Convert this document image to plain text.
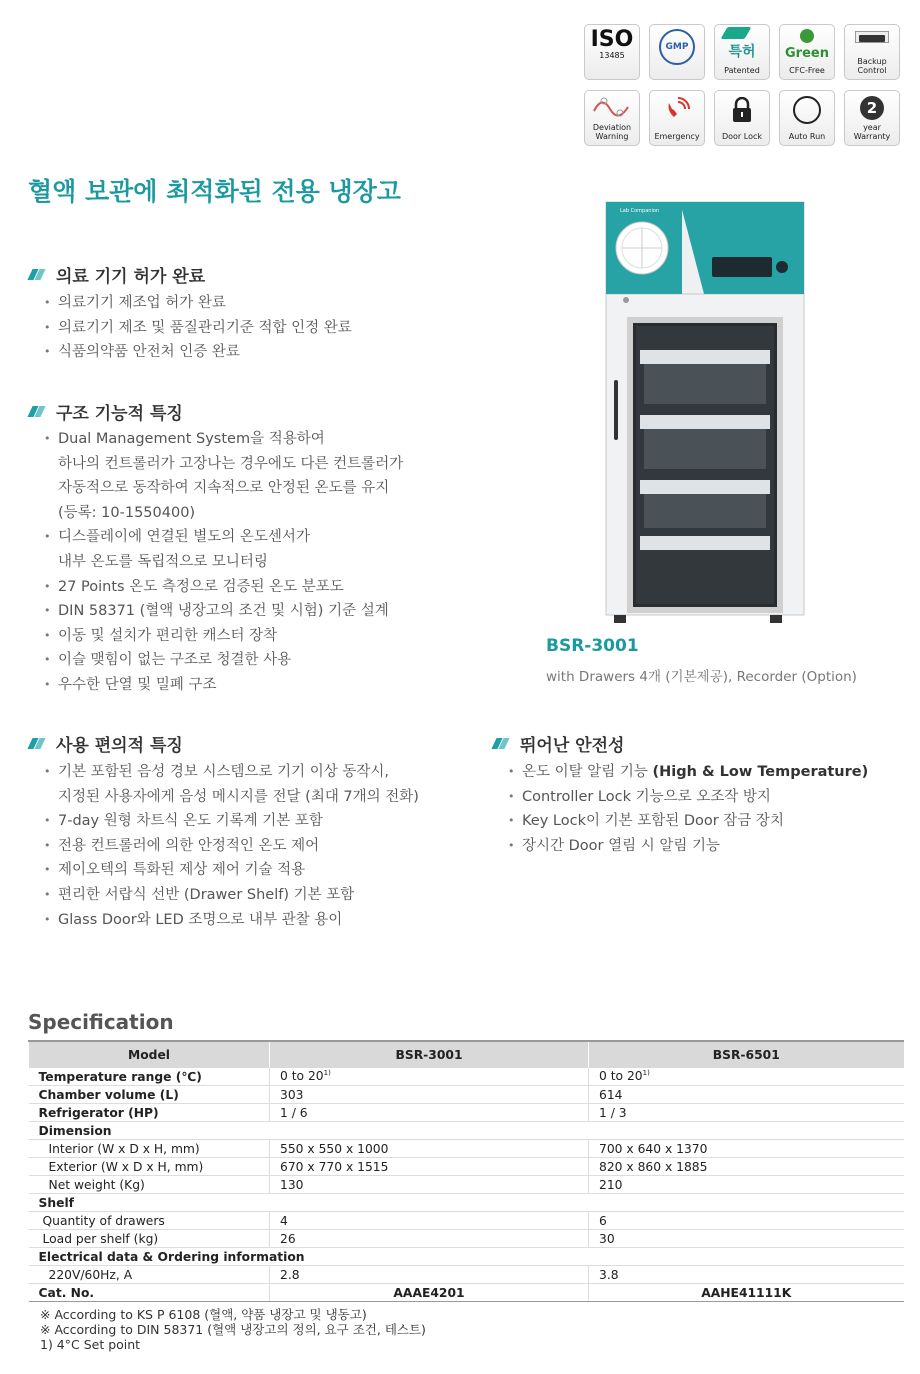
ISO
13485
GMP	특허
Patented
Green
CFC-Free
Backup
Control
Deviation
Warning	Emergency	Door Lock	Auto Run
2
year
Warranty
혈액 보관에 최적화된 전용 냉장고
의료 기기 허가 완료
• 의료기기 제조업 허가 완료
• 의료기기 제조 및 품질관리기준 적합 인정 완료
• 식품의약품 안전처 인증 완료
구조 기능적 특징
• Dual Management System을 적용하여
하나의 컨트롤러가 고장나는 경우에도 다른 컨트롤러가
자동적으로 동작하여 지속적으로 안정된 온도를 유지
(등록: 10-1550400)
• 디스플레이에 연결된 별도의 온도센서가
내부 온도를 독립적으로 모니터링
• 27 Points 온도 측정으로 검증된 온도 분포도
• DIN 58371 (혈액 냉장고의 조건 및 시험) 기준 설계
• 이동 및 설치가 편리한 캐스터 장착
• 이슬 맺힘이 없는 구조로 청결한 사용
• 우수한 단열 및 밀폐 구조
Lab Companion
BSR-3001
with Drawers 4개 (기본제공), Recorder (Option)
사용 편의적 특징
• 기본 포함된 음성 경보 시스템으로 기기 이상 동작시,
지정된 사용자에게 음성 메시지를 전달 (최대 7개의 전화)
• 7-day 원형 차트식 온도 기록계 기본 포함
• 전용 컨트롤러에 의한 안정적인 온도 제어
• 제이오텍의 특화된 제상 제어 기술 적용
• 편리한 서랍식 선반 (Drawer Shelf) 기본 포함
• Glass Door와 LED 조명으로 내부 관찰 용이
뛰어난 안전성
• 온도 이탈 알림 기능 (High & Low Temperature)
• Controller Lock 기능으로 오조작 방지
• Key Lock이 기본 포함된 Door 잠금 장치
• 장시간 Door 열림 시 알림 기능
Specification
Model	BSR-3001	BSR-6501
Temperature range (℃)	0 to 20$^{1)}$	0 to 20$^{1)}$
Chamber volume (L)	303	614
Refrigerator (HP)	1 / 6	1 / 3
Dimension		
Interior (W x D x H, mm)	550 x 550 x 1000	700 x 640 x 1370
Exterior (W x D x H, mm)	670 x 770 x 1515	820 x 860 x 1885
Net weight (Kg)	130	210
Shelf		
Quantity of drawers	4	6
Load per shelf (kg)	26	30
Electrical data & Ordering information		
220V/60Hz, A	2.8	3.8
Cat. No.	AAAE4201	AAHE41111K
※ According to KS P 6108 (혈액, 약품 냉장고 및 냉동고)
※ According to DIN 58371 (혈액 냉장고의 정의, 요구 조건, 테스트)
1) 4°C Set point
